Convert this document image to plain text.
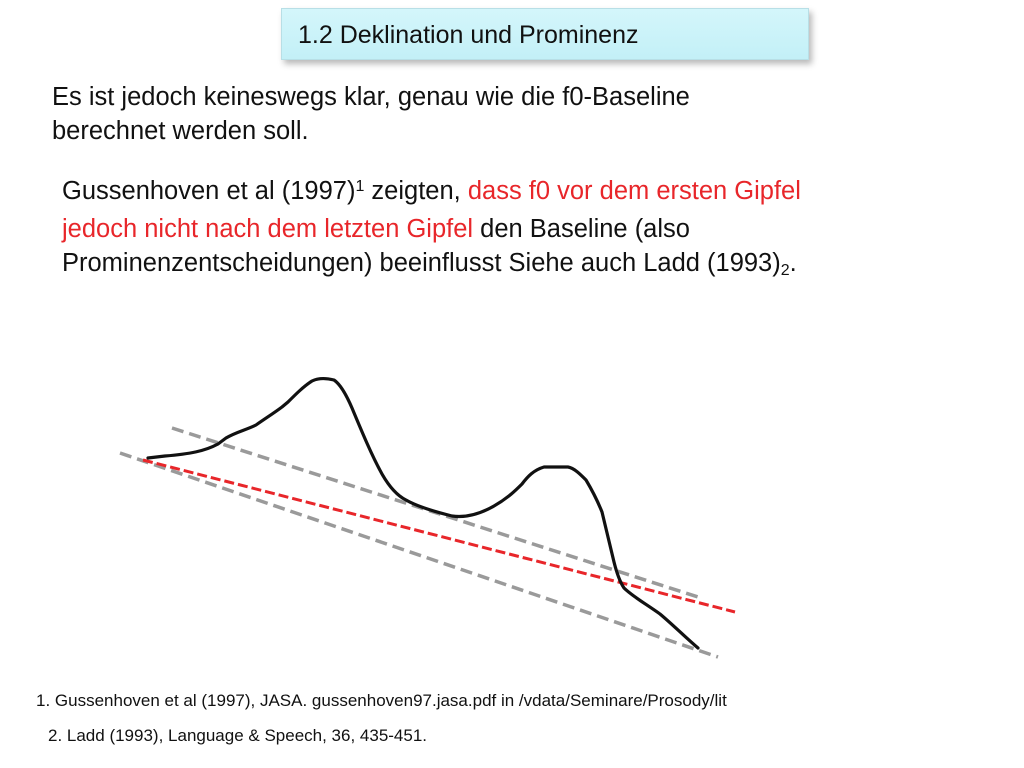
1.2 Deklination und Prominenz
Es ist jedoch keineswegs klar, genau wie die f0-Baseline
berechnet werden soll.
Gussenhoven et al (1997)$^1$ zeigten, dass f0 vor dem ersten Gipfel
jedoch nicht nach dem letzten Gipfel den Baseline (also
Prominenzentscheidungen) beeinflusst Siehe auch Ladd $(1993)_2$.
1. Gussenhoven et al (1997), JASA. gussenhoven97.jasa.pdf in /vdata/Seminare/Prosody/lit
2. Ladd (1993), Language & Speech, 36, 435-451.
